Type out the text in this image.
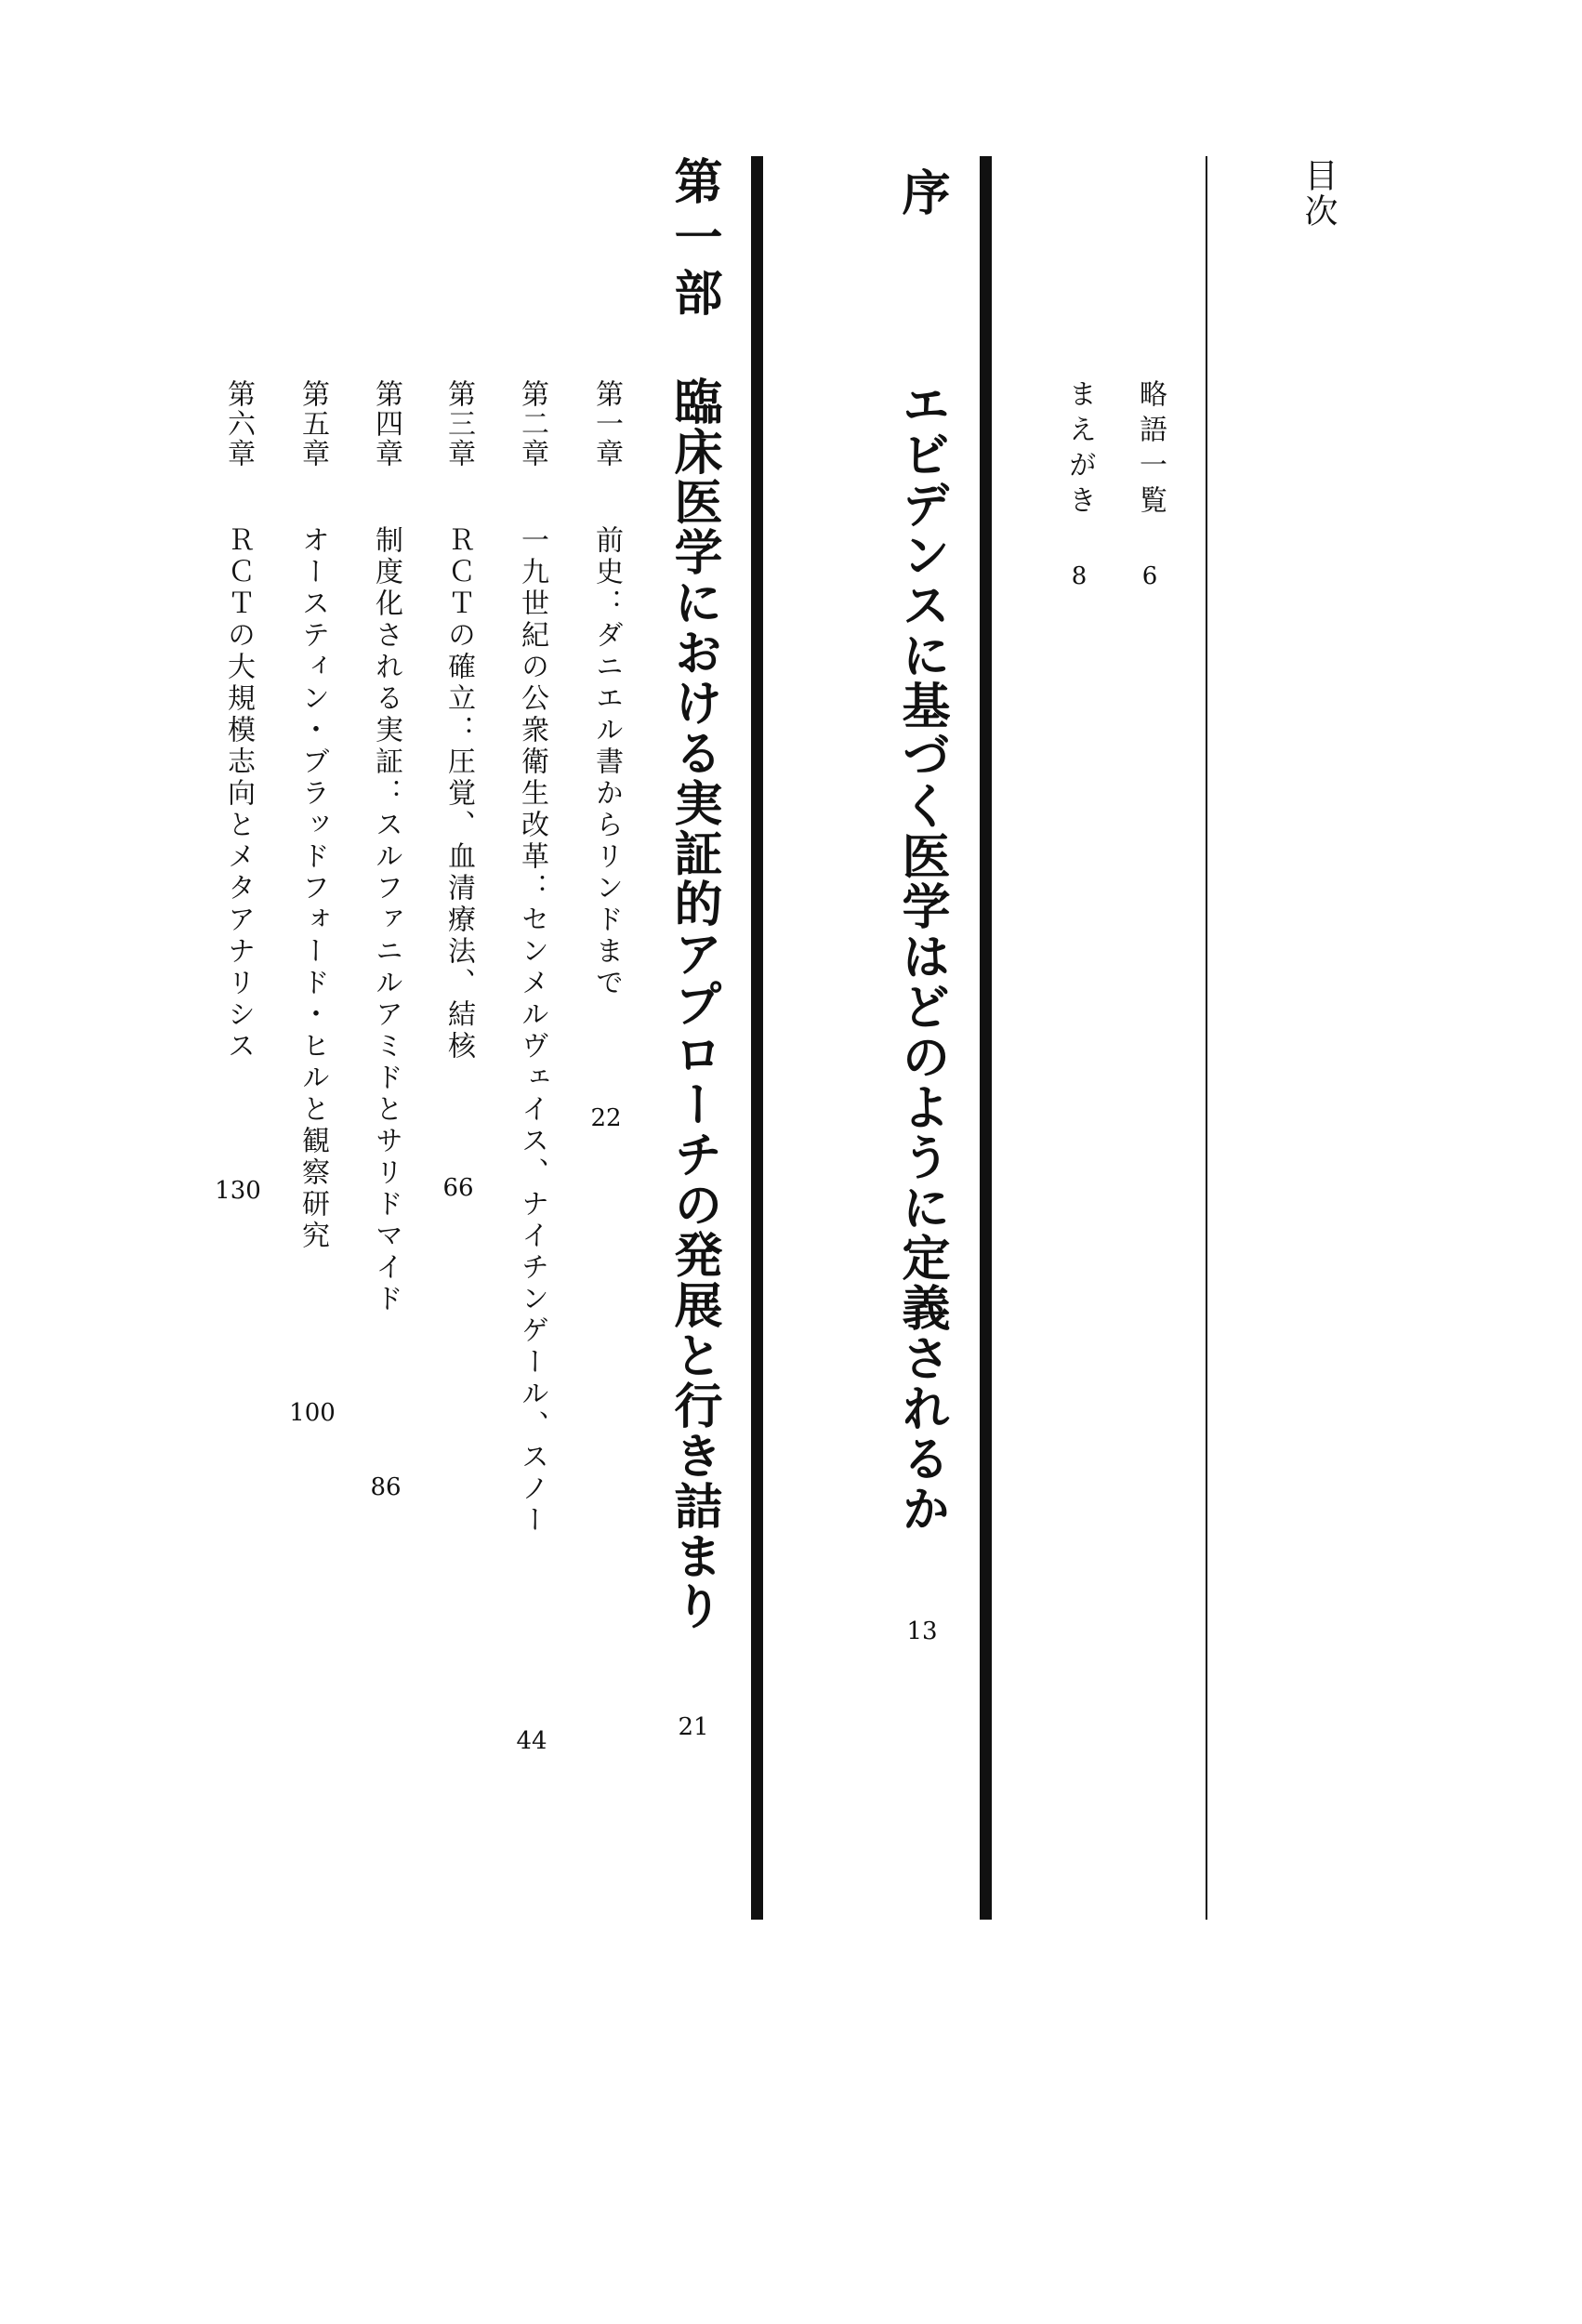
目次
略語一覧
6
まえがき
8
序
エビデンスに基づく医学はどのように定義されるか
13
第一部
臨床医学における実証的アプローチの発展と行き詰まり
21
第一章
前史：ダニエル書からリンドまで
22
第二章
一九世紀の公衆衛生改革：センメルヴェイス、ナイチンゲール、スノー
44
第三章
ＲＣＴの確立：圧覚、血清療法、結核
66
第四章
制度化される実証：スルファニルアミドとサリドマイド
86
第五章
オースティン・ブラッドフォード・ヒルと観察研究
100
第六章
ＲＣＴの大規模志向とメタアナリシス
130
